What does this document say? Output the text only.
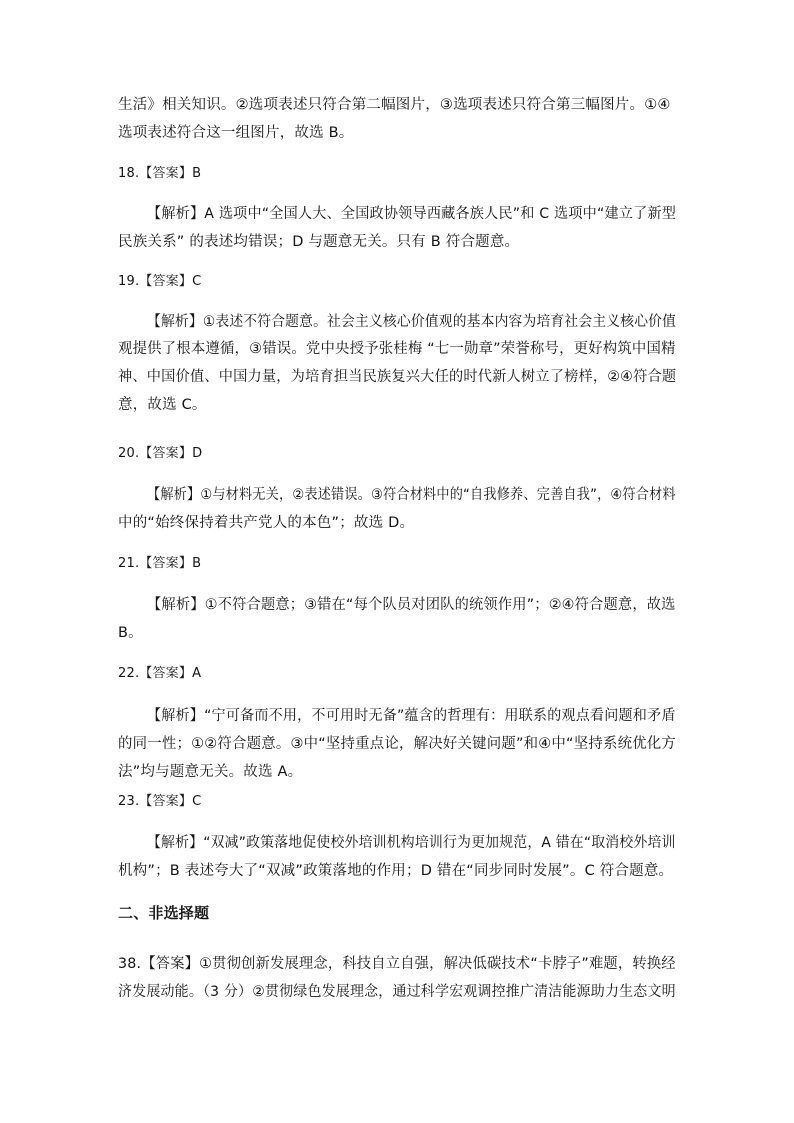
生活》相关知识。②选项表述只符合第二幅图片，③选项表述只符合第三幅图片。①④

选项表述符合这一组图片，故选 B。

18.【答案】B

【解析】A 选项中“全国人大、全国政协领导西藏各族人民”和 C 选项中“建立了新型

民族关系” 的表述均错误；D 与题意无关。只有 B 符合题意。

19.【答案】C

【解析】①表述不符合题意。社会主义核心价值观的基本内容为培育社会主义核心价值

观提供了根本遵循，③错误。党中央授予张桂梅 “七一勋章”荣誉称号，更好构筑中国精

神、中国价值、中国力量，为培育担当民族复兴大任的时代新人树立了榜样，②④符合题

意，故选 C。

20.【答案】D

【解析】①与材料无关，②表述错误。③符合材料中的“自我修养、完善自我”，④符合材料

中的“始终保持着共产党人的本色”；故选 D。

21.【答案】B

【解析】①不符合题意；③错在“每个队员对团队的统领作用”；②④符合题意，故选

B。

22.【答案】A

【解析】“宁可备而不用，不可用时无备”蕴含的哲理有：用联系的观点看问题和矛盾

的同一性；①②符合题意。③中“坚持重点论，解决好关键问题”和④中“坚持系统优化方

法”均与题意无关。故选 A。

23.【答案】C

【解析】“双减”政策落地促使校外培训机构培训行为更加规范，A 错在“取消校外培训

机构”；B 表述夸大了“双减”政策落地的作用；D 错在“同步同时发展”。C 符合题意。

二、非选择题

38.【答案】①贯彻创新发展理念，科技自立自强，解决低碳技术“卡脖子”难题，转换经

济发展动能。（3 分）②贯彻绿色发展理念，通过科学宏观调控推广清洁能源助力生态文明
